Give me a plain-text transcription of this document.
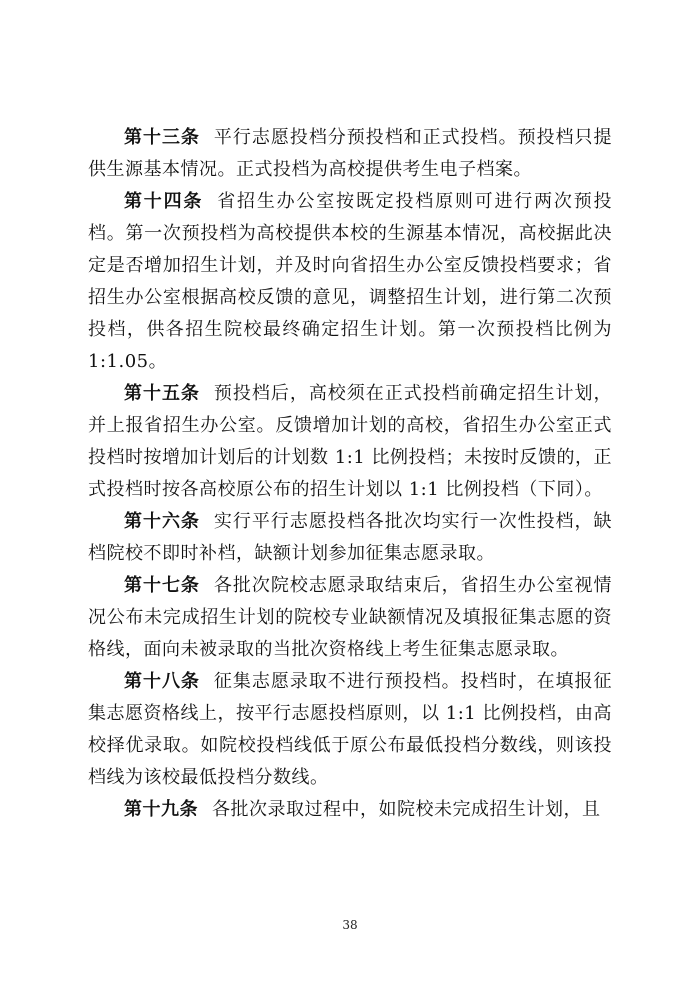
第十三条 平行志愿投档分预投档和正式投档。预投档只提供生源基本情况。正式投档为高校提供考生电子档案。

第十四条 省招生办公室按既定投档原则可进行两次预投档。第一次预投档为高校提供本校的生源基本情况，高校据此决定是否增加招生计划，并及时向省招生办公室反馈投档要求；省招生办公室根据高校反馈的意见，调整招生计划，进行第二次预投档，供各招生院校最终确定招生计划。第一次预投档比例为1:1.05。

第十五条 预投档后，高校须在正式投档前确定招生计划，并上报省招生办公室。反馈增加计划的高校，省招生办公室正式投档时按增加计划后的计划数 1:1 比例投档；未按时反馈的，正式投档时按各高校原公布的招生计划以 1:1 比例投档（下同）。

第十六条 实行平行志愿投档各批次均实行一次性投档，缺档院校不即时补档，缺额计划参加征集志愿录取。

第十七条 各批次院校志愿录取结束后，省招生办公室视情况公布未完成招生计划的院校专业缺额情况及填报征集志愿的资格线，面向未被录取的当批次资格线上考生征集志愿录取。

第十八条 征集志愿录取不进行预投档。投档时，在填报征集志愿资格线上，按平行志愿投档原则，以 1:1 比例投档，由高校择优录取。如院校投档线低于原公布最低投档分数线，则该投档线为该校最低投档分数线。

第十九条 各批次录取过程中，如院校未完成招生计划，且

38
